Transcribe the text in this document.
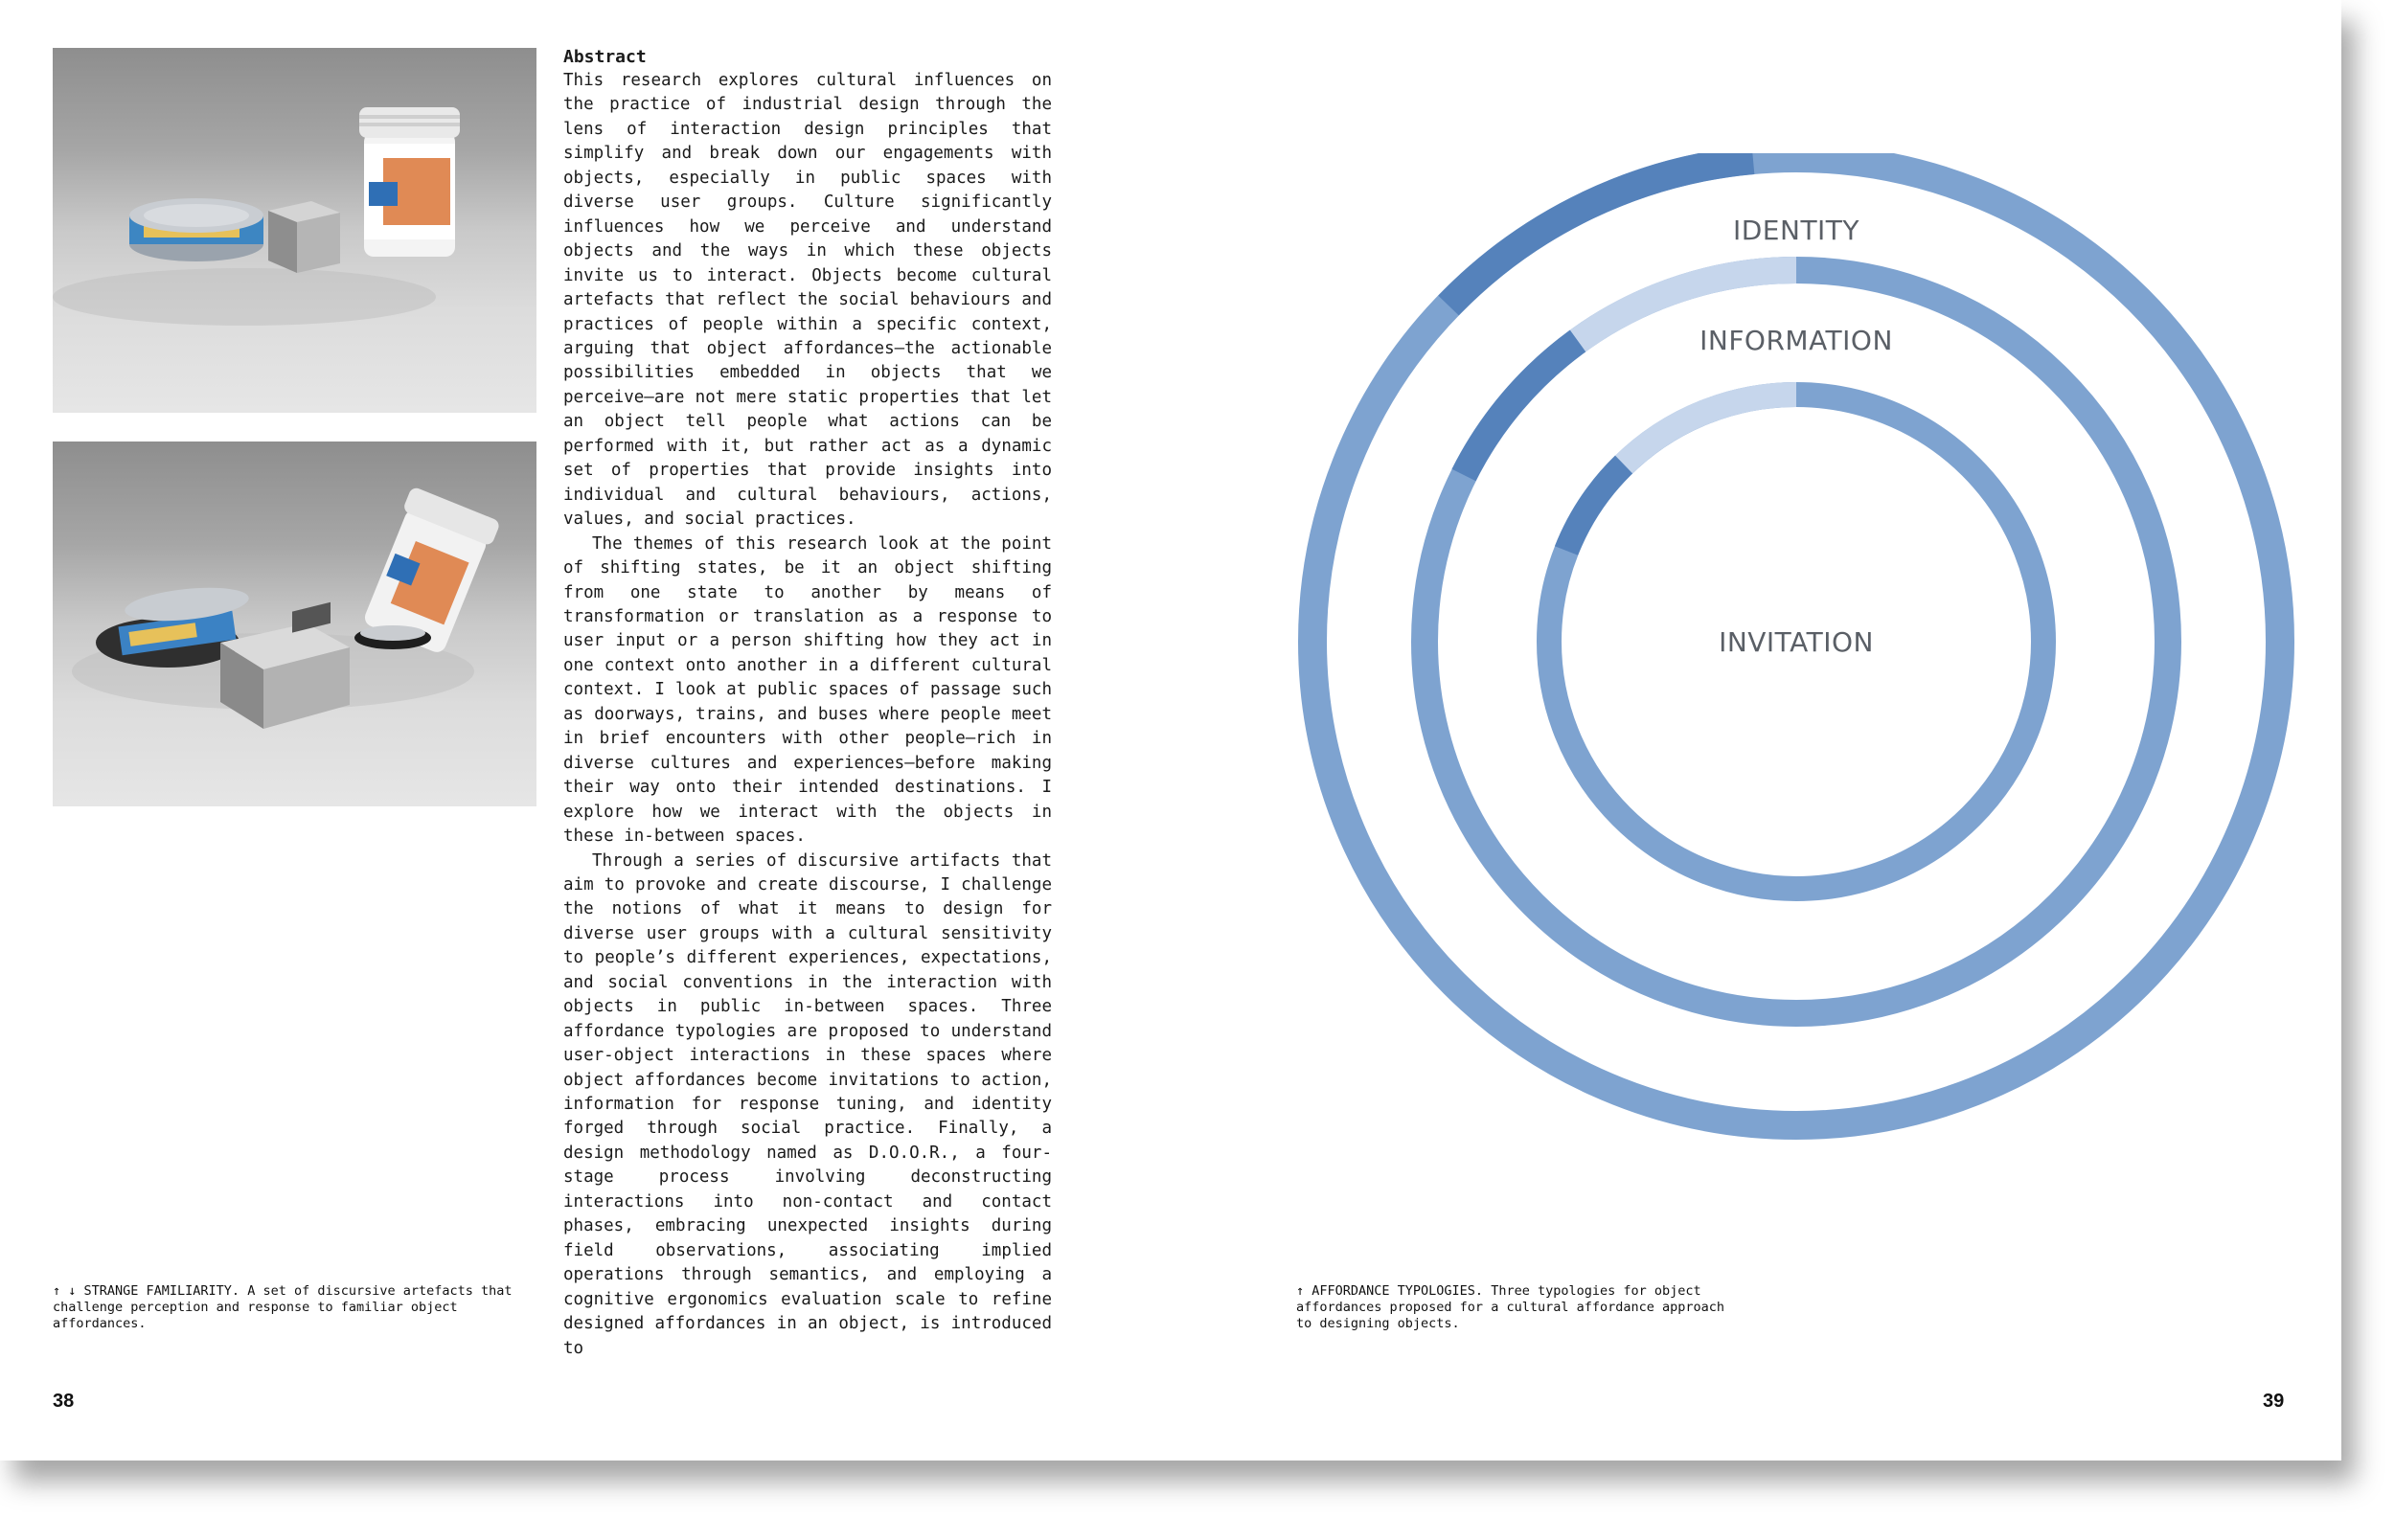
Abstract

This research explores cultural influences on the practice of industrial design through the lens of interaction design principles that simplify and break down our engagements with objects, especially in public spaces with diverse user groups. Culture significantly influences how we perceive and understand objects and the ways in which these objects invite us to interact. Objects become cultural artefacts that reflect the social behaviours and practices of people within a specific context, arguing that object affordances—the actionable possibilities embedded in objects that we perceive—are not mere static properties that let an object tell people what actions can be performed with it, but rather act as a dynamic set of properties that provide insights into individual and cultural behaviours, actions, values, and social practices.

The themes of this research look at the point of shifting states, be it an object shifting from one state to another by means of transformation or translation as a response to user input or a person shifting how they act in one context onto another in a different cultural context. I look at public spaces of passage such as doorways, trains, and buses where people meet in brief encounters with other people—rich in diverse cultures and experiences—before making their way onto their intended destinations. I explore how we interact with the objects in these in-between spaces.

Through a series of discursive artifacts that aim to provoke and create discourse, I challenge the notions of what it means to design for diverse user groups with a cultural sensitivity to people’s different experiences, expectations, and social conventions in the interaction with objects in public in-between spaces. Three affordance typologies are proposed to understand user-object interactions in these spaces where object affordances become invitations to action, information for response tuning, and identity forged through social practice. Finally, a design methodology named as D.O.O.R., a four-stage process involving deconstructing interactions into non-contact and contact phases, embracing unexpected insights during field observations, associating implied operations through semantics, and employing a cognitive ergonomics evaluation scale to refine designed affordances in an object, is introduced to

↑ ↓ STRANGE FAMILIARITY. A set of discursive artefacts that challenge perception and response to familiar object affordances.
38
IDENTITY
INFORMATION
INVITATION
↑ AFFORDANCE TYPOLOGIES. Three typologies for object affordances proposed for a cultural affordance approach to designing objects.
39
